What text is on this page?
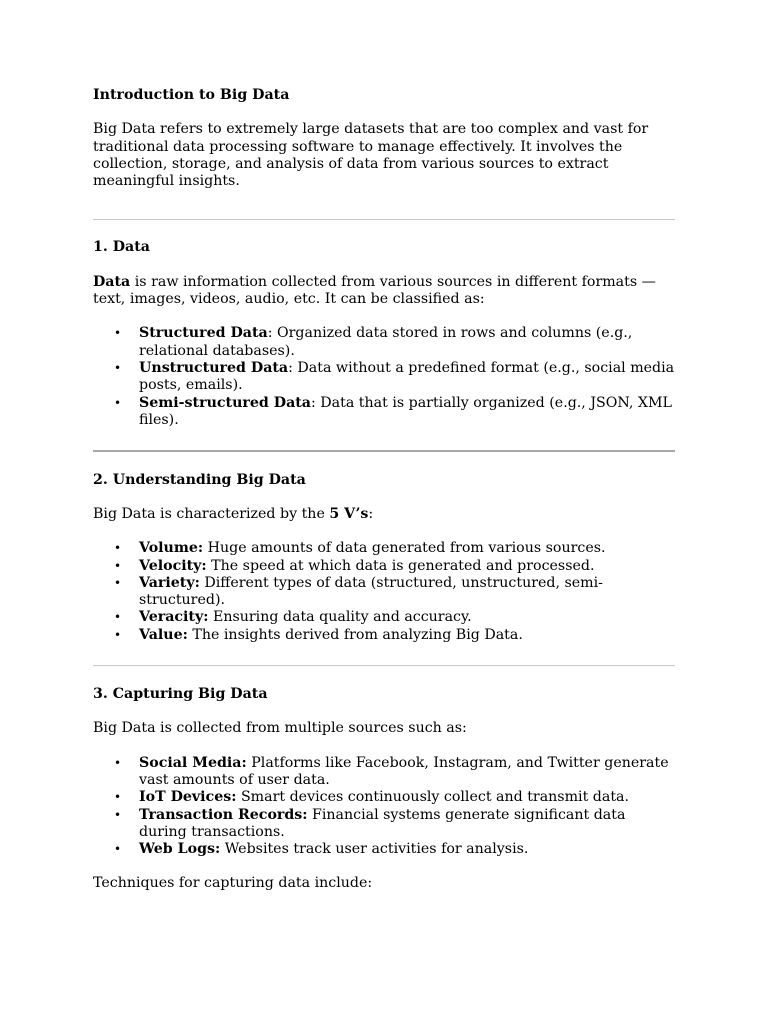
Introduction to Big Data

Big Data refers to extremely large datasets that are too complex and vast for traditional data processing software to manage effectively. It involves the collection, storage, and analysis of data from various sources to extract meaningful insights.

1. Data

Data is raw information collected from various sources in different formats — text, images, videos, audio, etc. It can be classified as:

• Structured Data: Organized data stored in rows and columns (e.g., relational databases).
• Unstructured Data: Data without a predefined format (e.g., social media posts, emails).
• Semi-structured Data: Data that is partially organized (e.g., JSON, XML files).
2. Understanding Big Data

Big Data is characterized by the 5 V’s:

• Volume: Huge amounts of data generated from various sources.
• Velocity: The speed at which data is generated and processed.
• Variety: Different types of data (structured, unstructured, semi-structured).
• Veracity: Ensuring data quality and accuracy.
• Value: The insights derived from analyzing Big Data.
3. Capturing Big Data

Big Data is collected from multiple sources such as:

• Social Media: Platforms like Facebook, Instagram, and Twitter generate vast amounts of user data.
• IoT Devices: Smart devices continuously collect and transmit data.
• Transaction Records: Financial systems generate significant data during transactions.
• Web Logs: Websites track user activities for analysis.

Techniques for capturing data include:
